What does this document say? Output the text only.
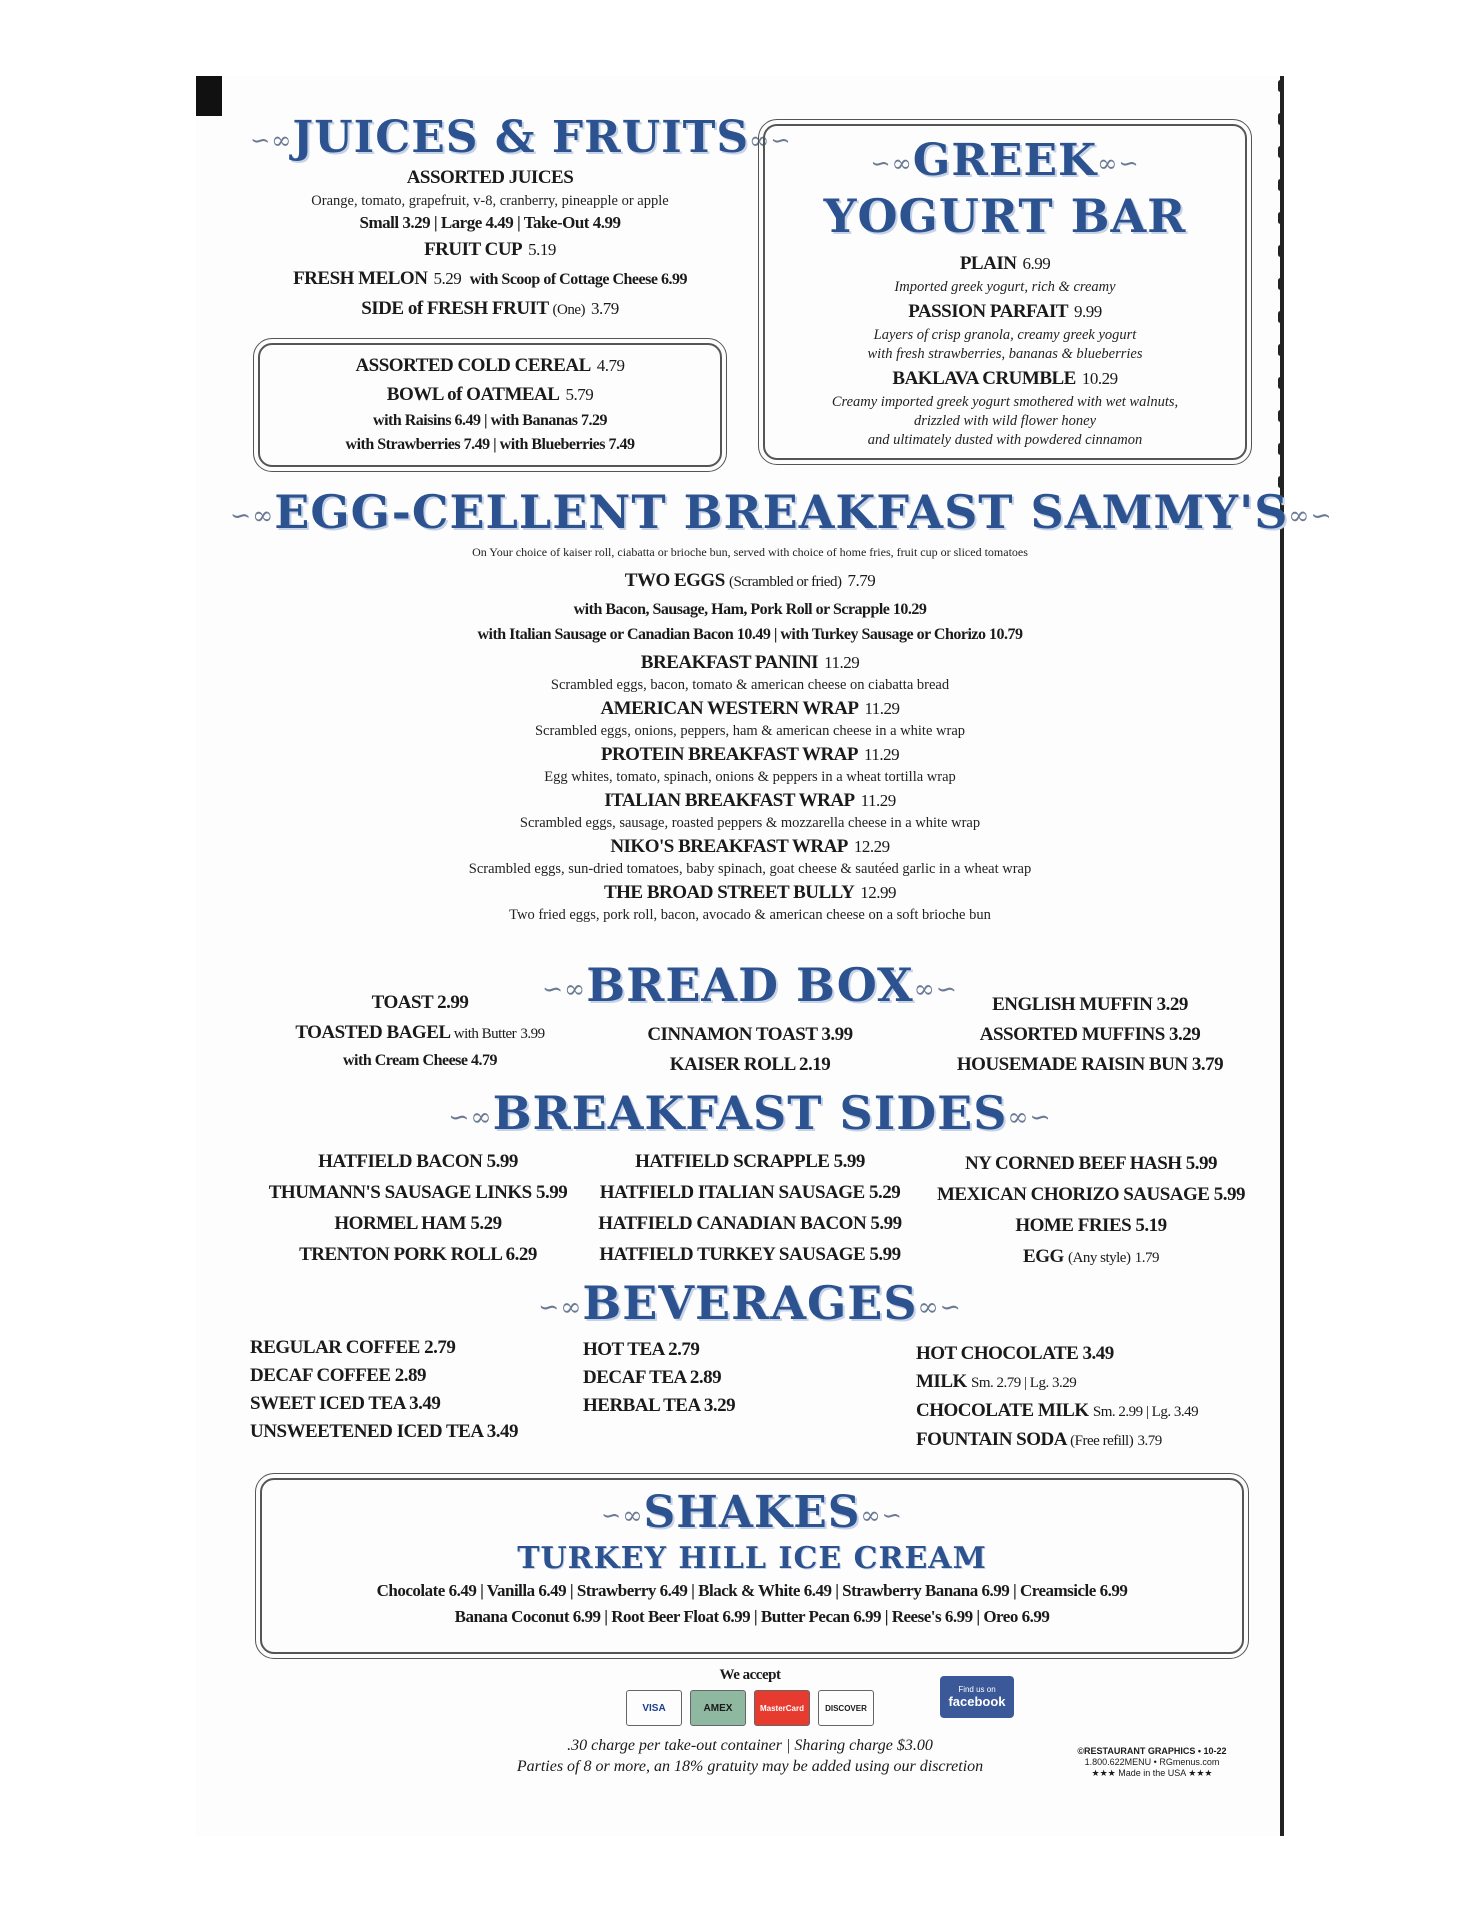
∽∞JUICES & FRUITS∞∽
ASSORTED JUICES
Orange, tomato, grapefruit, v-8, cranberry, pineapple or apple
Small 3.29 | Large 4.49 | Take-Out 4.99
FRUIT CUP 5.19
FRESH MELON 5.29 with Scoop of Cottage Cheese 6.99
SIDE of FRESH FRUIT (One) 3.79
ASSORTED COLD CEREAL 4.79
BOWL of OATMEAL 5.79
with Raisins 6.49 | with Bananas 7.29
with Strawberries 7.49 | with Blueberries 7.49
∽∞GREEK∞∽
YOGURT BAR
PLAIN 6.99
Imported greek yogurt, rich & creamy
PASSION PARFAIT 9.99
Layers of crisp granola, creamy greek yogurt
with fresh strawberries, bananas & blueberries
BAKLAVA CRUMBLE 10.29
Creamy imported greek yogurt smothered with wet walnuts,
drizzled with wild flower honey
and ultimately dusted with powdered cinnamon
∽∞EGG-CELLENT BREAKFAST SAMMY'S∞∽
On Your choice of kaiser roll, ciabatta or brioche bun, served with choice of home fries, fruit cup or sliced tomatoes
TWO EGGS (Scrambled or fried) 7.79
with Bacon, Sausage, Ham, Pork Roll or Scrapple 10.29
with Italian Sausage or Canadian Bacon 10.49 | with Turkey Sausage or Chorizo 10.79
BREAKFAST PANINI 11.29
Scrambled eggs, bacon, tomato & american cheese on ciabatta bread
AMERICAN WESTERN WRAP 11.29
Scrambled eggs, onions, peppers, ham & american cheese in a white wrap
PROTEIN BREAKFAST WRAP 11.29
Egg whites, tomato, spinach, onions & peppers in a wheat tortilla wrap
ITALIAN BREAKFAST WRAP 11.29
Scrambled eggs, sausage, roasted peppers & mozzarella cheese in a white wrap
NIKO'S BREAKFAST WRAP 12.29
Scrambled eggs, sun-dried tomatoes, baby spinach, goat cheese & sautéed garlic in a wheat wrap
THE BROAD STREET BULLY 12.99
Two fried eggs, pork roll, bacon, avocado & american cheese on a soft brioche bun
∽∞BREAD BOX∞∽
TOAST 2.99
TOASTED BAGEL with Butter 3.99
with Cream Cheese 4.79
CINNAMON TOAST 3.99
KAISER ROLL 2.19
ENGLISH MUFFIN 3.29
ASSORTED MUFFINS 3.29
HOUSEMADE RAISIN BUN 3.79
∽∞BREAKFAST SIDES∞∽
HATFIELD BACON 5.99
THUMANN'S SAUSAGE LINKS 5.99
HORMEL HAM 5.29
TRENTON PORK ROLL 6.29
HATFIELD SCRAPPLE 5.99
HATFIELD ITALIAN SAUSAGE 5.29
HATFIELD CANADIAN BACON 5.99
HATFIELD TURKEY SAUSAGE 5.99
NY CORNED BEEF HASH 5.99
MEXICAN CHORIZO SAUSAGE 5.99
HOME FRIES 5.19
EGG (Any style) 1.79
∽∞BEVERAGES∞∽
REGULAR COFFEE 2.79
DECAF COFFEE 2.89
SWEET ICED TEA 3.49
UNSWEETENED ICED TEA 3.49
HOT TEA 2.79
DECAF TEA 2.89
HERBAL TEA 3.29
HOT CHOCOLATE 3.49
MILK Sm. 2.79 | Lg. 3.29
CHOCOLATE MILK Sm. 2.99 | Lg. 3.49
FOUNTAIN SODA (Free refill) 3.79
∽∞SHAKES∞∽
TURKEY HILL ICE CREAM
Chocolate 6.49 | Vanilla 6.49 | Strawberry 6.49 | Black & White 6.49 | Strawberry Banana 6.99 | Creamsicle 6.99
Banana Coconut 6.99 | Root Beer Float 6.99 | Butter Pecan 6.99 | Reese's 6.99 | Oreo 6.99
We accept
VISA	AMEX	MasterCard	DISCOVER
Find us on
facebook
.30 charge per take-out container | Sharing charge $3.00
Parties of 8 or more, an 18% gratuity may be added using our discretion
©RESTAURANT GRAPHICS • 10-22
1.800.622MENU • RGmenus.com
★★★ Made in the USA ★★★
